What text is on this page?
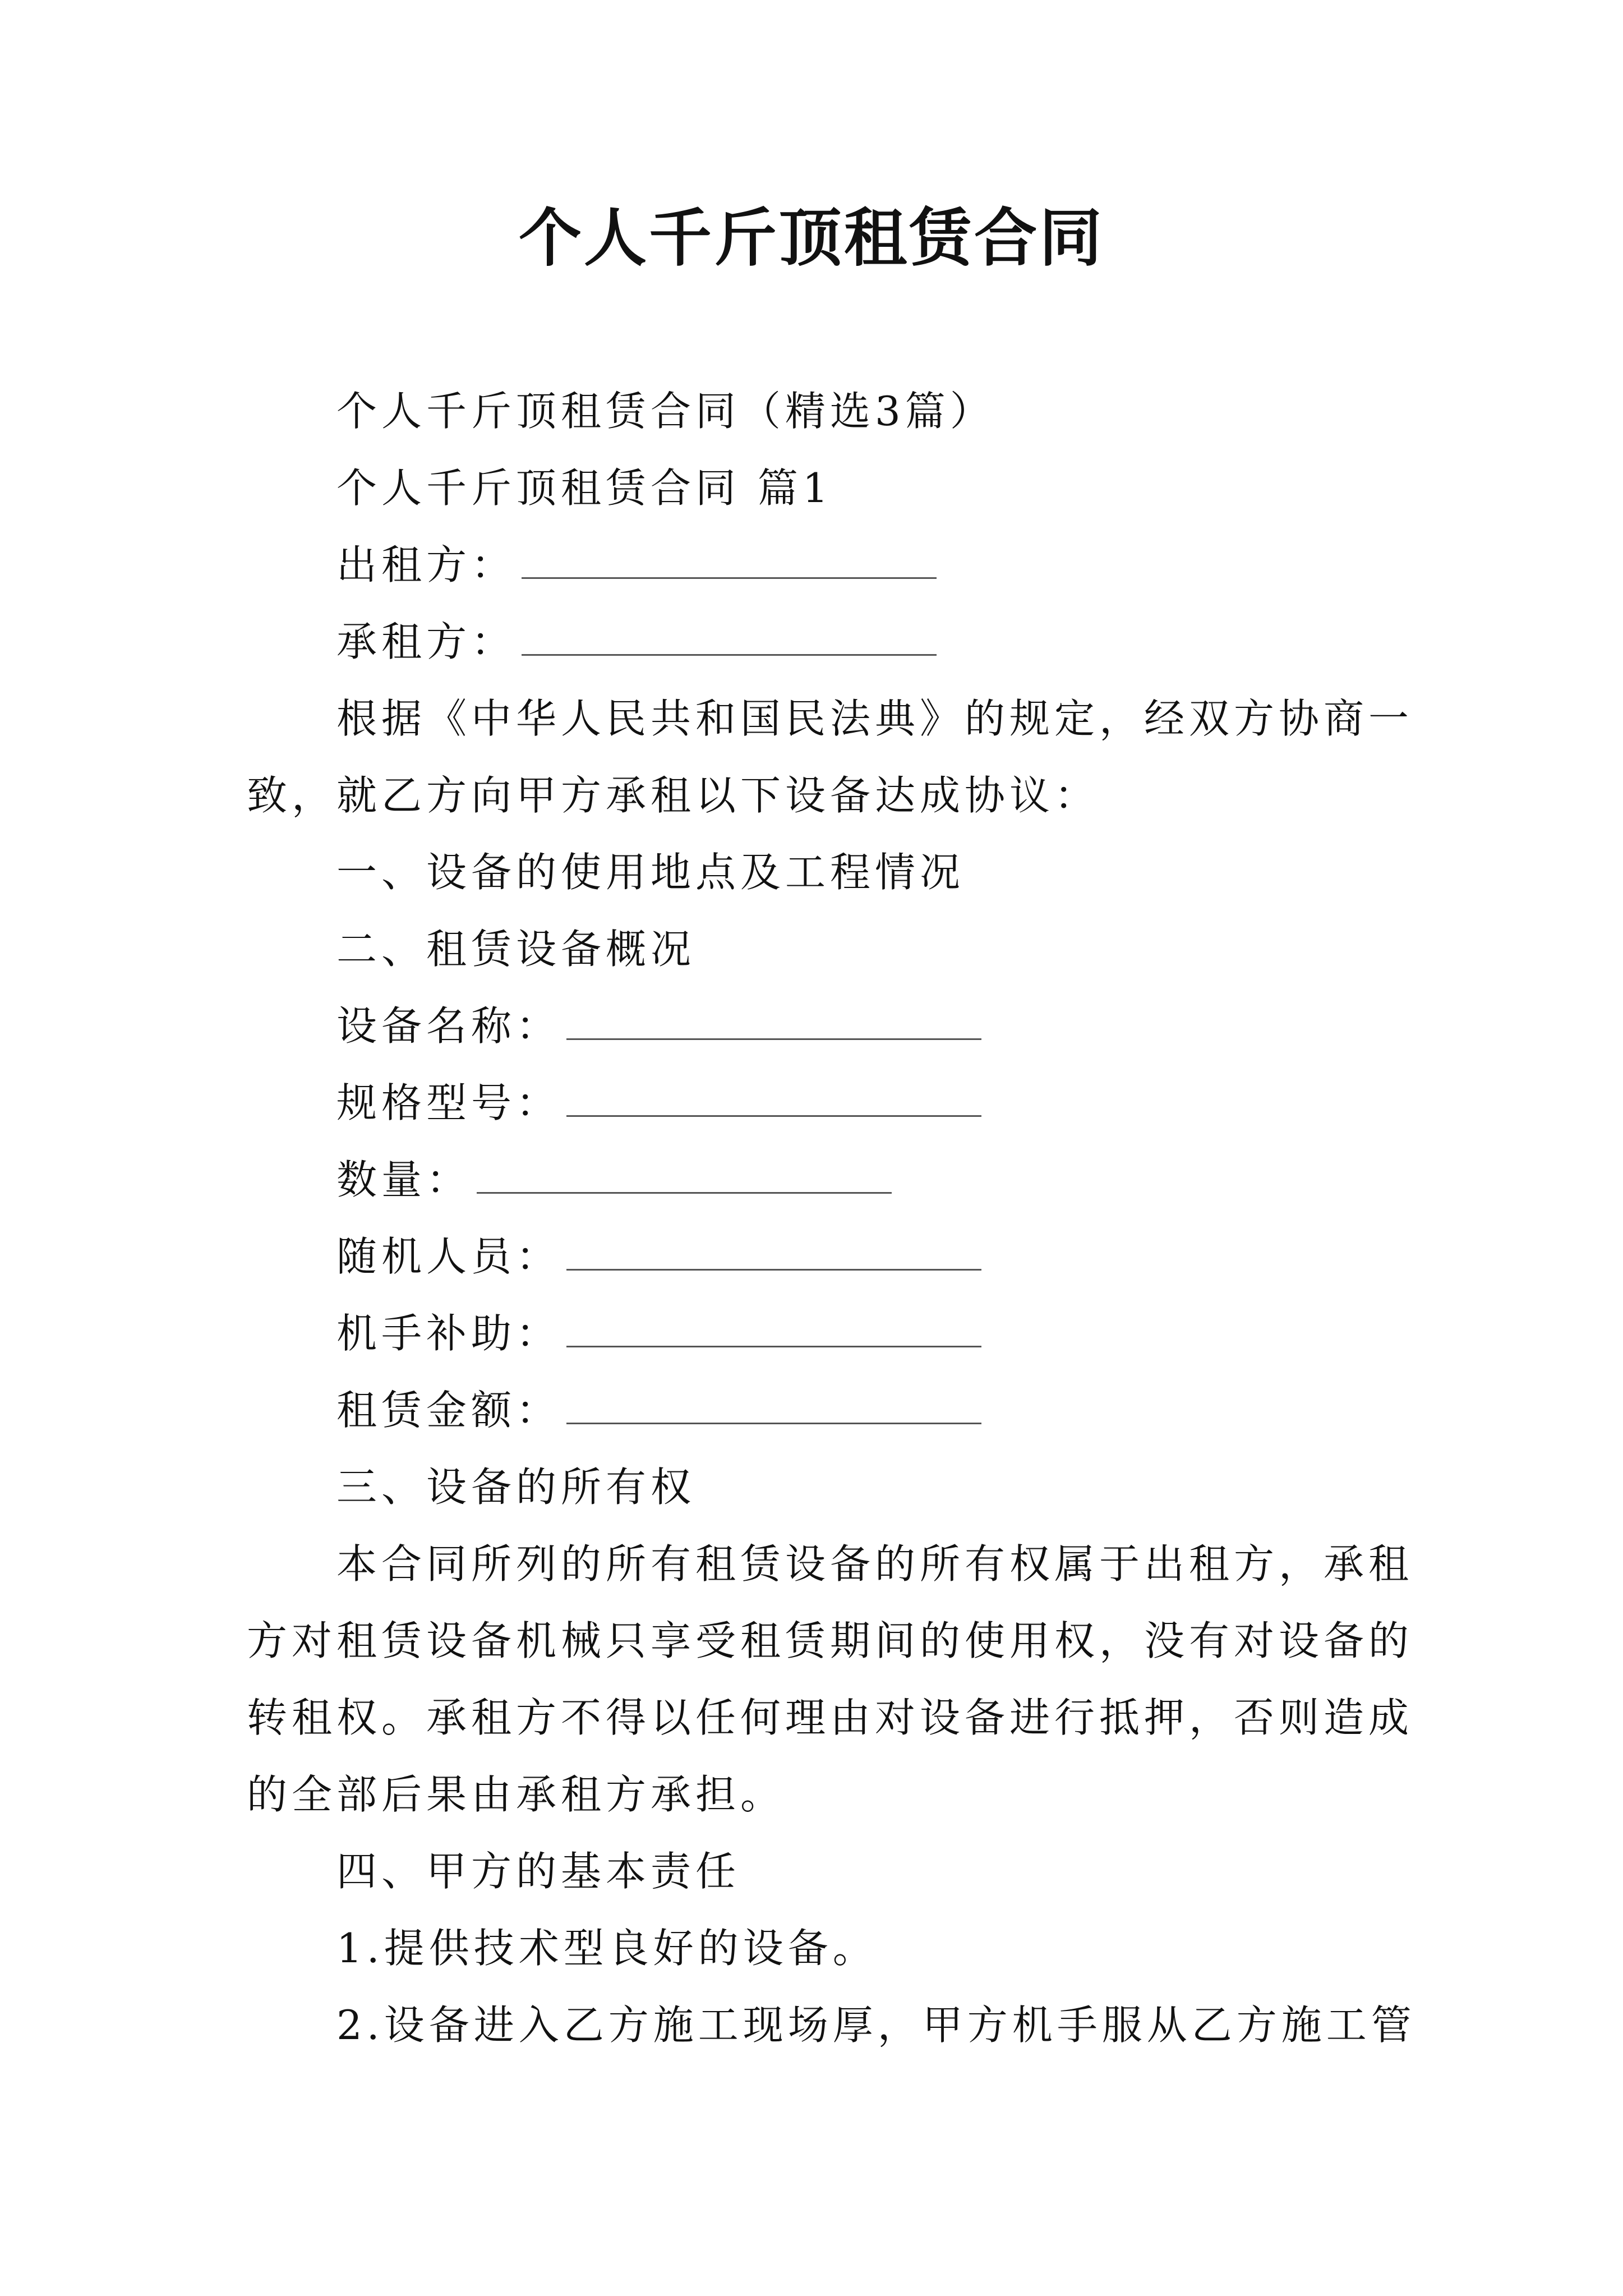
个人千斤顶租赁合同
个人千斤顶租赁合同（精选3篇）
个人千斤顶租赁合同 篇1
出租方：
承租方：
根据《中华人民共和国民法典》的规定，经双方协商一
致，就乙方向甲方承租以下设备达成协议：
一、设备的使用地点及工程情况
二、租赁设备概况
设备名称：
规格型号：
数量：
随机人员：
机手补助：
租赁金额：
三、设备的所有权
本合同所列的所有租赁设备的所有权属于出租方，承租
方对租赁设备机械只享受租赁期间的使用权，没有对设备的
转租权。承租方不得以任何理由对设备进行抵押，否则造成
的全部后果由承租方承担。
四、甲方的基本责任
1.提供技术型良好的设备。
2.设备进入乙方施工现场厚，甲方机手服从乙方施工管
